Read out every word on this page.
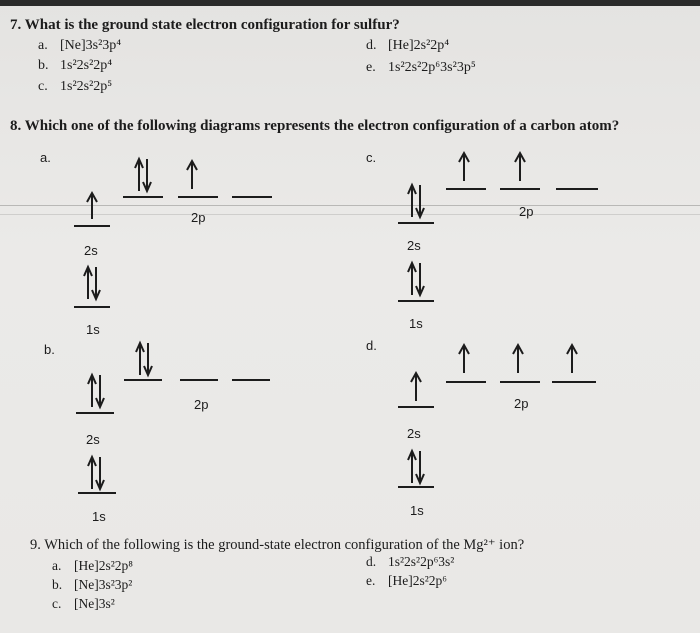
7. What is the ground state electron configuration for sulfur?
a. [Ne]3s²3p⁴
b. 1s²2s²2p⁴
c. 1s²2s²2p⁵
d. [He]2s²2p⁴
e. 1s²2s²2p⁶3s²3p⁵
8. Which one of the following diagrams represents the electron configuration of a carbon atom?
a.
2s
1s
2p
c.
2s
1s
2p
b.
2s
1s
2p
d.
2s
1s
2p
9. Which of the following is the ground-state electron configuration of the Mg²⁺ ion?
a. [He]2s²2p⁸
b. [Ne]3s²3p²
c. [Ne]3s²
d. 1s²2s²2p⁶3s²
e. [He]2s²2p⁶
